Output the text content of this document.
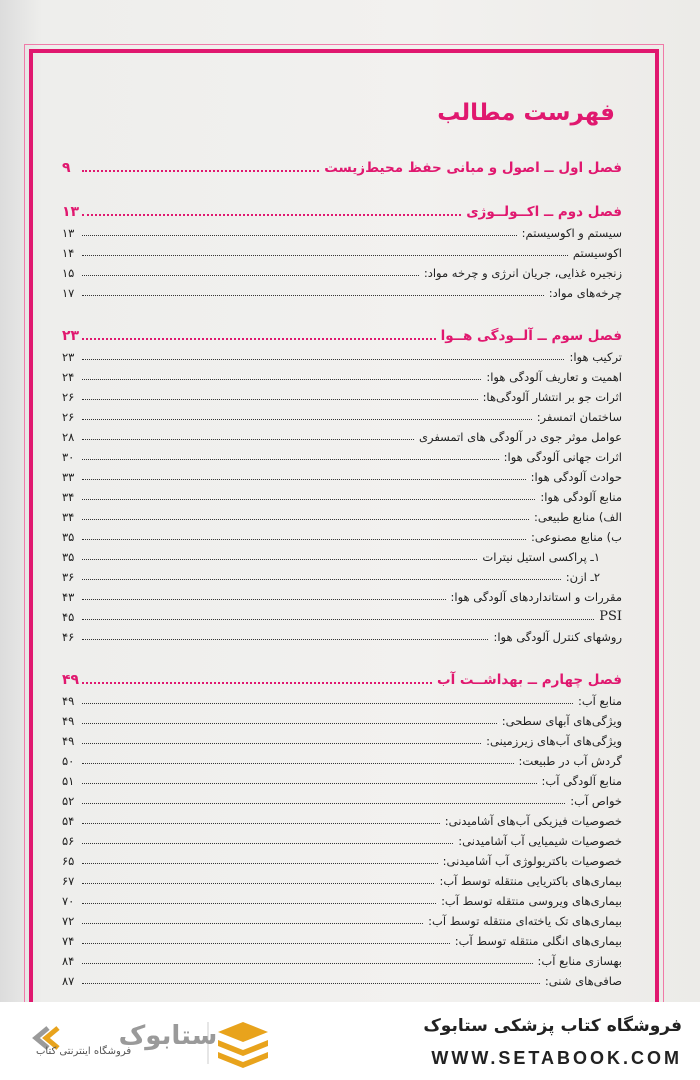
فهرست مطالب
فصل اول ــ اصول و مبانی حفظ محیط‌زیست
۹
فصل دوم ــ اکــولــوژی
۱۳
سیستم و اکوسیستم:
۱۳
اکوسیستم
۱۴
زنجیره غذایی، جریان انرژی و چرخه مواد:
۱۵
چرخه‌های مواد:
۱۷
فصل سوم ــ آلــودگی هــوا
۲۳
ترکیب هوا:
۲۳
اهمیت و تعاریف آلودگی هوا:
۲۴
اثرات جو بر انتشار آلودگی‌ها:
۲۶
ساختمان اتمسفر:
۲۶
عوامل موثر جوی در آلودگی های اتمسفری
۲۸
اثرات جهانی آلودگی هوا:
۳۰
حوادث آلودگی هوا:
۳۳
منابع آلودگی هوا:
۳۴
الف) منابع طبیعی:
۳۴
ب) منابع مصنوعی:
۳۵
۱ـ پراکسی استیل نیترات
۳۵
۲ـ ازن:
۳۶
مقررات و استانداردهای آلودگی هوا:
۴۳
PSI
۴۵
روشهای کنترل آلودگی هوا:
۴۶
فصل چهارم ــ بهداشــت آب
۴۹
منابع آب:
۴۹
ویژگی‌های آبهای سطحی:
۴۹
ویژگی‌های آب‌های زیرزمینی:
۴۹
گردش آب در طبیعت:
۵۰
منابع آلودگی آب:
۵۱
خواص آب:
۵۲
خصوصیات فیزیکی آب‌های آشامیدنی:
۵۴
خصوصیات شیمیایی آب آشامیدنی:
۵۶
خصوصیات باکتریولوژی آب آشامیدنی:
۶۵
بیماری‌های باکتریایی منتقله توسط آب:
۶۷
بیماری‌های ویروسی منتقله توسط آب:
۷۰
بیماری‌های تک یاخته‌ای منتقله توسط آب:
۷۲
بیماری‌های انگلی منتقله توسط آب:
۷۴
بهسازی منابع آب:
۸۴
صافی‌های شنی:
۸۷
ستابوک
فروشگاه اینترنتی کتاب
فروشگاه کتاب پزشکی ستابوک
WWW.SETABOOK.COM
